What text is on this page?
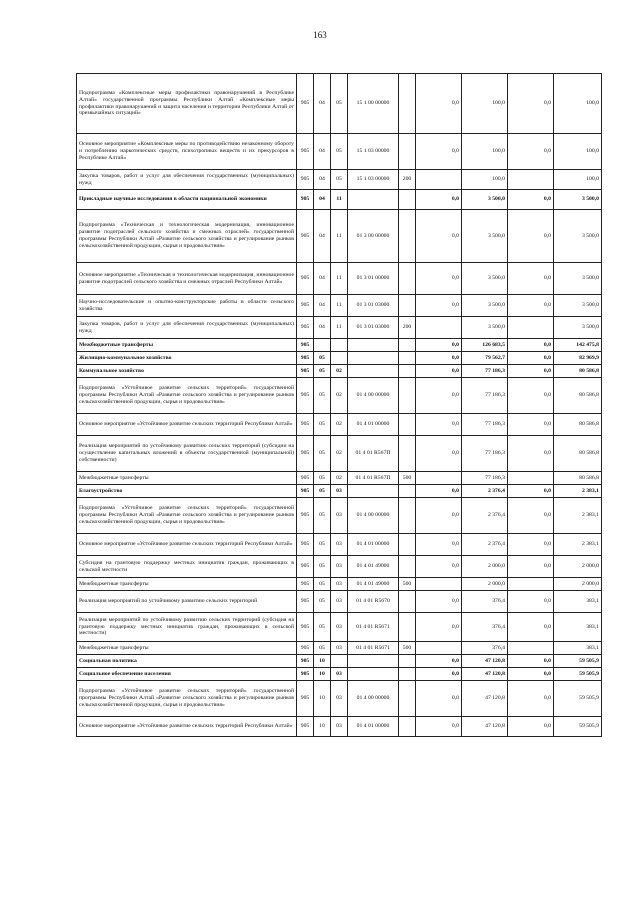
163
Подпрограмма «Комплексные меры профилактики правонарушений в Республике Алтай» государственной программы Республики Алтай «Комплексные меры профилактики правонарушений и защита населения и территории Республики Алтай от чрезвычайных ситуаций»	905	04	05	15 1 00 00000		0,0	100,0	0,0	100,0
Основное мероприятие «Комплексные меры по противодействию незаконному обороту и потреблению наркотических средств, психотропных веществ и их прекурсоров в Республике Алтай»	905	04	05	15 1 03 00000		0,0	100,0	0,0	100,0
Закупка товаров, работ и услуг для обеспечения государственных (муниципальных) нужд	905	04	05	15 1 03 00000	200		100,0		100,0
Прикладные научные исследования в области национальной экономики	905	04	11			0,0	3 500,0	0,0	3 500,0
Подпрограмма «Техническая и технологическая модернизация, инновационное развитие подотраслей сельского хозяйства и смежных отраслей» государственной программы Республики Алтай «Развитие сельского хозяйства и регулирование рынков сельскохозяйственной продукции, сырья и продовольствия»	905	04	11	01 3 00 00000		0,0	3 500,0	0,0	3 500,0
Основное мероприятие «Техническая и технологическая модернизация, инновационное развитие подотраслей сельского хозяйства и смежных отраслей Республики Алтай»	905	04	11	01 3 01 00000		0,0	3 500,0	0,0	3 500,0
Научно-исследовательские и опытно-конструкторские работы в области сельского хозяйства	905	04	11	01 3 01 03000		0,0	3 500,0	0,0	3 500,0
Закупка товаров, работ и услуг для обеспечения государственных (муниципальных) нужд	905	04	11	01 3 01 03000	200		3 500,0		3 500,0
Межбюджетные трансферты	905					0,0	126 683,5	0,0	142 475,8
Жилищно-коммунальное хозяйство	905	05				0,0	79 562,7	0,0	82 969,9
Коммунальное хозяйство	905	05	02			0,0	77 186,3	0,0	80 586,8
Подпрограмма «Устойчивое развитие сельских территорий» государственной программы Республики Алтай «Развитие сельского хозяйства и регулирование рынков сельскохозяйственной продукции, сырья и продовольствия»	905	05	02	01 4 00 00000		0,0	77 186,3	0,0	80 586,8
Основное мероприятие «Устойчивое развитие сельских территорий Республики Алтай»	905	05	02	01 4 01 00000		0,0	77 186,3	0,0	80 586,8
Реализация мероприятий по устойчивому развитию сельских территорий (субсидии на осуществление капитальных вложений в объекты государственной (муниципальной) собственности)	905	05	02	01 4 01 R567П		0,0	77 186,3	0,0	80 586,8
Межбюджетные трансферты	905	05	02	01 4 01 R567П	500		77 186,3		80 586,8
Благоустройство	905	05	03			0,0	2 376,4	0,0	2 383,1
Подпрограмма «Устойчивое развитие сельских территорий» государственной программы Республики Алтай «Развитие сельского хозяйства и регулирование рынков сельскохозяйственной продукции, сырья и продовольствия»	905	05	03	01 4 00 00000		0,0	2 376,4	0,0	2 383,1
Основное мероприятие «Устойчивое развитие сельских территорий Республики Алтай»	905	05	03	01 4 01 00000		0,0	2 376,4	0,0	2 383,1
Субсидия на грантовую поддержку местных инициатив граждан, проживающих в сельской местности	905	05	03	01 4 01 49000		0,0	2 000,0	0,0	2 000,0
Межбюджетные трансферты	905	05	03	01 4 01 49000	500		2 000,0		2 000,0
Реализация мероприятий по устойчивому развитию сельских территорий	905	05	03	01 4 01 R5670		0,0	376,4	0,0	383,1
Реализация мероприятий по устойчивому развитию сельских территорий (субсидия на грантовую поддержку местных инициатив граждан, проживающих в сельской местности)	905	05	03	01 4 01 R5671		0,0	376,4	0,0	383,1
Межбюджетные трансферты	905	05	03	01 4 01 R5671	500		376,4		383,1
Социальная политика	905	10				0,0	47 120,8	0,0	59 505,9
Социальное обеспечение населения	905	10	03			0,0	47 120,8	0,0	59 505,9
Подпрограмма «Устойчивое развитие сельских территорий» государственной программы Республики Алтай «Развитие сельского хозяйства и регулирование рынков сельскохозяйственной продукции, сырья и продовольствия»	905	10	03	01 4 00 00000		0,0	47 120,8	0,0	59 505,9
Основное мероприятие «Устойчивое развитие сельских территорий Республики Алтай»	905	10	03	01 4 01 00000		0,0	47 120,8	0,0	59 505,9
